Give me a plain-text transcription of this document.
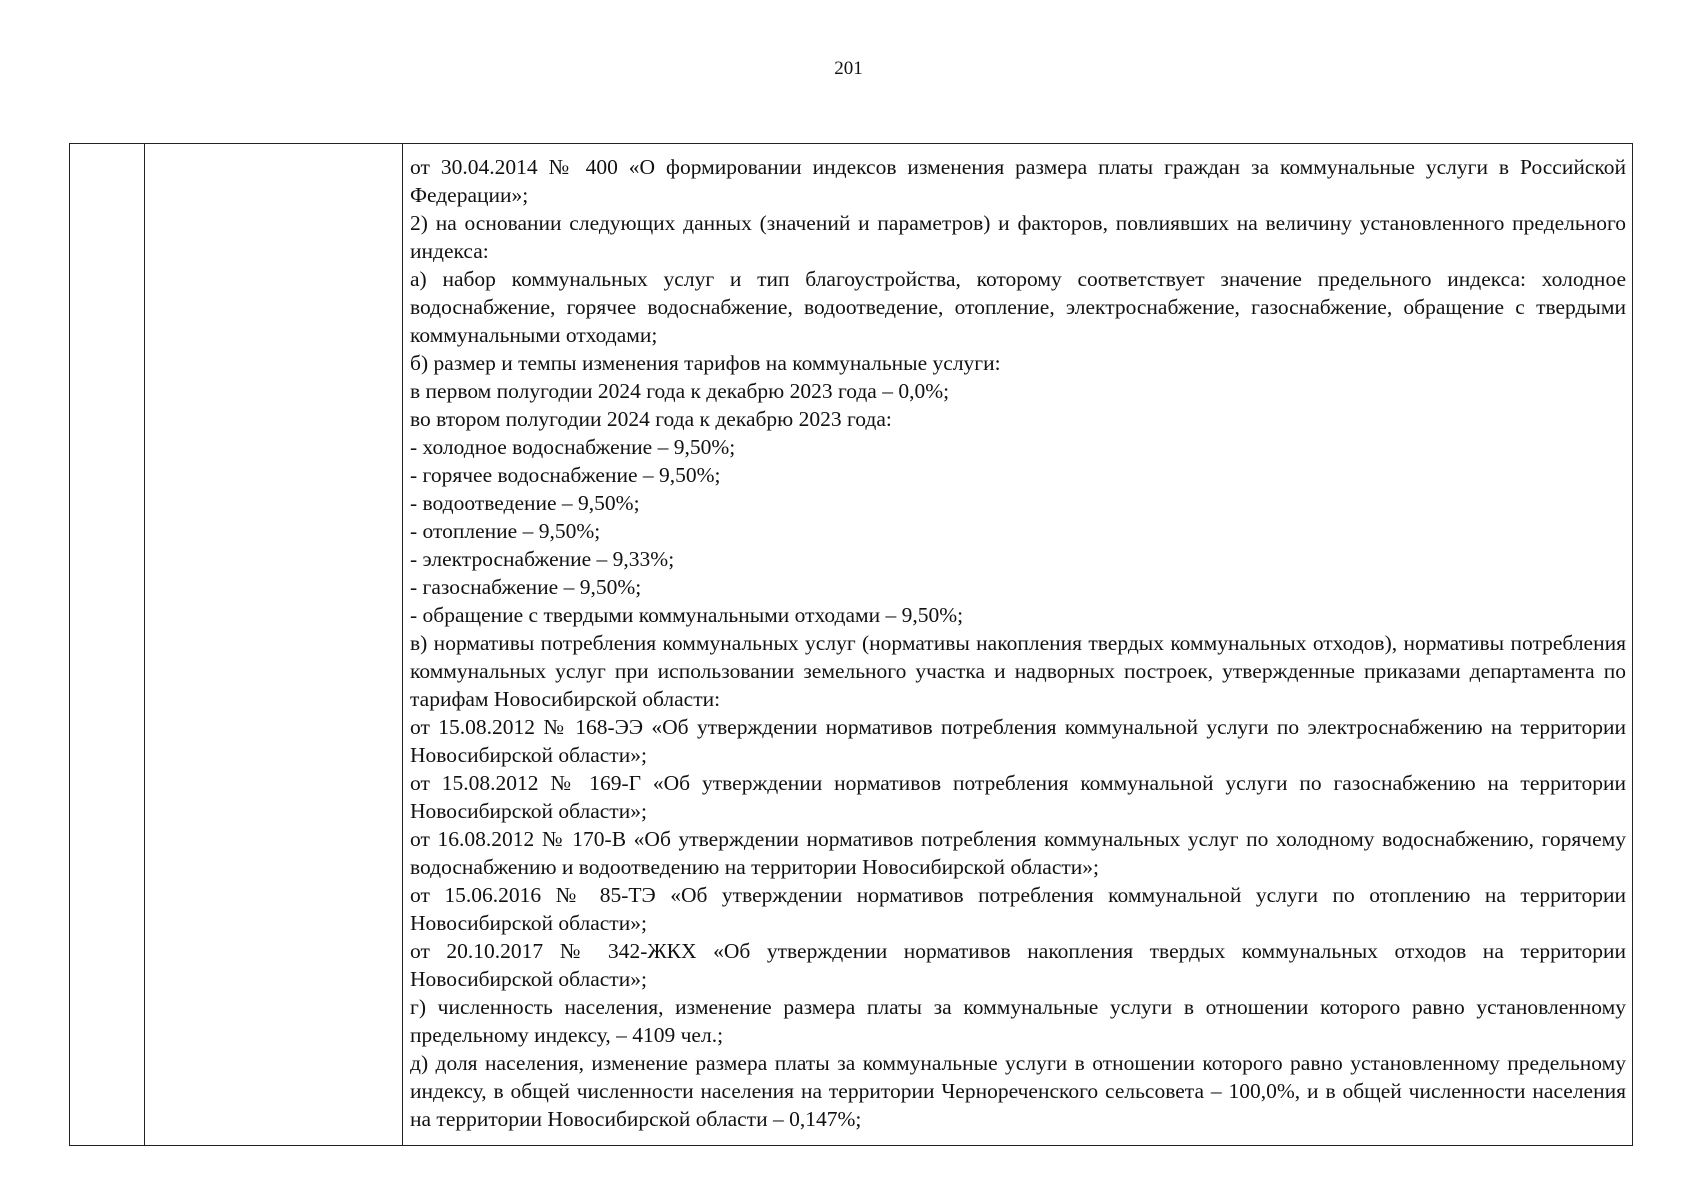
201

от 30.04.2014 № 400 «О формировании индексов изменения размера платы граждан за коммунальные услуги в Российской Федерации»;

2) на основании следующих данных (значений и параметров) и факторов, повлиявших на величину установленного предельного индекса:

а) набор коммунальных услуг и тип благоустройства, которому соответствует значение предельного индекса: холодное водоснабжение, горячее водоснабжение, водоотведение, отопление, электроснабжение, газоснабжение, обращение с твердыми коммунальными отходами;

б) размер и темпы изменения тарифов на коммунальные услуги:

в первом полугодии 2024 года к декабрю 2023 года – 0,0%;

во втором полугодии 2024 года к декабрю 2023 года:

- холодное водоснабжение – 9,50%;

- горячее водоснабжение – 9,50%;

- водоотведение – 9,50%;

- отопление – 9,50%;

- электроснабжение – 9,33%;

- газоснабжение – 9,50%;

- обращение с твердыми коммунальными отходами – 9,50%;

в) нормативы потребления коммунальных услуг (нормативы накопления твердых коммунальных отходов), нормативы потребления коммунальных услуг при использовании земельного участка и надворных построек, утвержденные приказами департамента по тарифам Новосибирской области:

от 15.08.2012 № 168-ЭЭ «Об утверждении нормативов потребления коммунальной услуги по электроснабжению на территории Новосибирской области»;

от 15.08.2012 № 169-Г «Об утверждении нормативов потребления коммунальной услуги по газоснабжению на территории Новосибирской области»;

от 16.08.2012 № 170-В «Об утверждении нормативов потребления коммунальных услуг по холодному водоснабжению, горячему водоснабжению и водоотведению на территории Новосибирской области»;

от 15.06.2016 № 85-ТЭ «Об утверждении нормативов потребления коммунальной услуги по отоплению на территории Новосибирской области»;

от 20.10.2017 № 342-ЖКХ «Об утверждении нормативов накопления твердых коммунальных отходов на территории Новосибирской области»;

г) численность населения, изменение размера платы за коммунальные услуги в отношении которого равно установленному предельному индексу, – 4109 чел.;

д) доля населения, изменение размера платы за коммунальные услуги в отношении которого равно установленному предельному индексу, в общей численности населения на территории Чернореченского сельсовета – 100,0%, и в общей численности населения на территории Новосибирской области – 0,147%;
